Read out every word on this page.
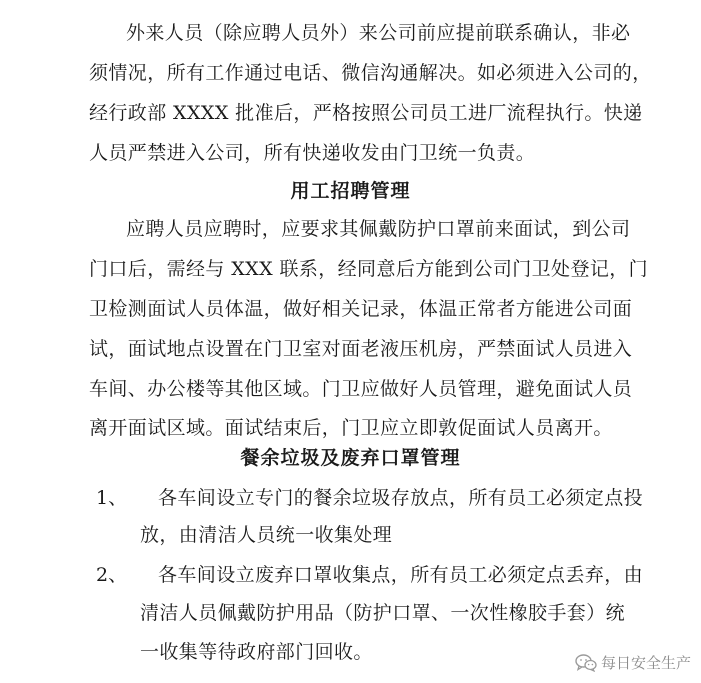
外来人员（除应聘人员外）来公司前应提前联系确认，非必
须情况，所有工作通过电话、微信沟通解决。如必须进入公司的，
经行政部 XXXX 批准后，严格按照公司员工进厂流程执行。快递
人员严禁进入公司，所有快递收发由门卫统一负责。
用工招聘管理
应聘人员应聘时，应要求其佩戴防护口罩前来面试，到公司
门口后，需经与 XXX 联系，经同意后方能到公司门卫处登记，门
卫检测面试人员体温，做好相关记录，体温正常者方能进公司面
试，面试地点设置在门卫室对面老液压机房，严禁面试人员进入
车间、办公楼等其他区域。门卫应做好人员管理，避免面试人员
离开面试区域。面试结束后，门卫应立即敦促面试人员离开。
餐余垃圾及废弃口罩管理
1、 各车间设立专门的餐余垃圾存放点，所有员工必须定点投
放，由清洁人员统一收集处理
2、 各车间设立废弃口罩收集点，所有员工必须定点丢弃，由
清洁人员佩戴防护用品（防护口罩、一次性橡胶手套）统
一收集等待政府部门回收。	每日安全生产
